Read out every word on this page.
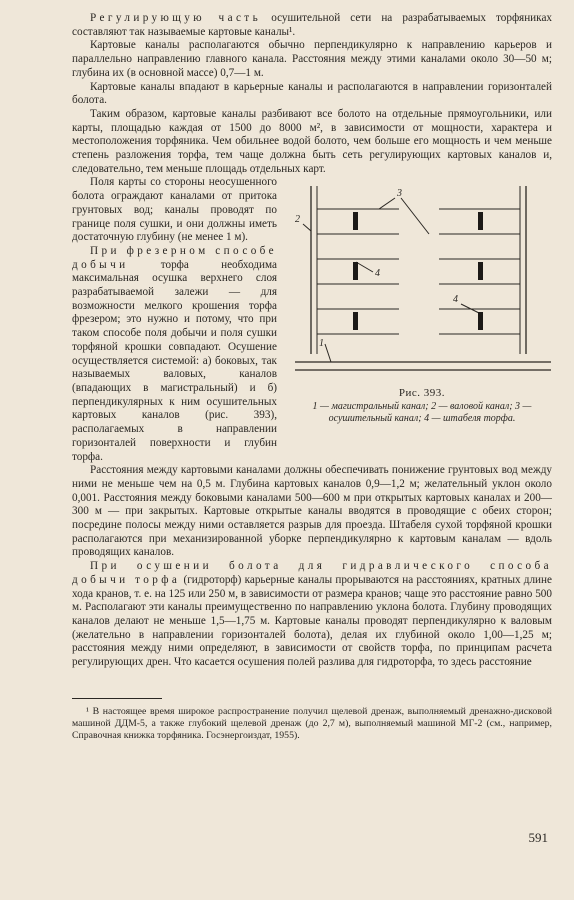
Регулирующую часть осушительной сети на разрабатываемых торфяниках составляют так называемые картовые каналы¹.

Картовые каналы располагаются обычно перпендикулярно к направлению карьеров и параллельно направлению главного канала. Расстояния между этими каналами около 30—50 м; глубина их (в основной массе) 0,7—1 м.

Картовые каналы впадают в карьерные каналы и располагаются в направлении горизонталей болота.

Таким образом, картовые каналы разбивают все болото на отдельные прямоугольники, или карты, площадью каждая от 1500 до 8000 м², в зависимости от мощности, характера и местоположения торфяника. Чем обильнее водой болото, чем больше его мощность и чем меньше степень разложения торфа, тем чаще должна быть сеть регулирующих картовых каналов и, следовательно, тем меньше площадь отдельных карт.

Поля карты со стороны неосушенного болота ограждают каналами от притока грунтовых вод; каналы проводят по границе поля сушки, и они должны иметь достаточную глубину (не менее 1 м).

При фрезерном способе добычи торфа необходима максимальная осушка верхнего слоя разрабатываемой залежи — для возможности мелкого крошения торфа фрезером; это нужно и потому, что при таком способе поля добычи и поля сушки торфяной крошки совпадают. Осушение осуществляется системой: а) боковых, так называемых валовых, каналов (впадающих в магистральный) и б) перпендикулярных к ним осушительных картовых каналов (рис. 393), располагаемых в направлении горизонталей поверхности и глубин торфа.

3
2
4
4
1
Рис. 393.
1 — магистральный канал; 2 — валовой канал; 3 — осушительный канал; 4 — штабеля торфа.

Расстояния между картовыми каналами должны обеспечивать понижение грунтовых вод между ними не меньше чем на 0,5 м. Глубина картовых каналов 0,9—1,2 м; желательный уклон около 0,001. Расстояния между боковыми каналами 500—600 м при открытых картовых каналах и 200—300 м — при закрытых. Картовые открытые каналы вводятся в проводящие с обеих сторон; посредине полосы между ними оставляется разрыв для проезда. Штабеля сухой торфяной крошки располагаются при механизированной уборке перпендикулярно к картовым каналам — вдоль проводящих каналов.

При осушении болота для гидравлического способа добычи торфа (гидроторф) карьерные каналы прорываются на расстояниях, кратных длине хода кранов, т. е. на 125 или 250 м, в зависимости от размера кранов; чаще это расстояние равно 500 м. Располагают эти каналы преимущественно по направлению уклона болота. Глубину проводящих каналов делают не меньше 1,5—1,75 м. Картовые каналы проводят перпендикулярно к валовым (желательно в направлении горизонталей болота), делая их глубиной около 1,00—1,25 м; расстояния между ними определяют, в зависимости от свойств торфа, по принципам расчета регулирующих дрен. Что касается осушения полей разлива для гидроторфа, то здесь расстояние

¹ В настоящее время широкое распространение получил щелевой дренаж, выполняемый дренажно-дисковой машиной ДДМ-5, а также глубокий щелевой дренаж (до 2,7 м), выполняемый машиной МГ-2 (см., например, Справочная книжка торфяника. Госэнергоиздат, 1955).

591
